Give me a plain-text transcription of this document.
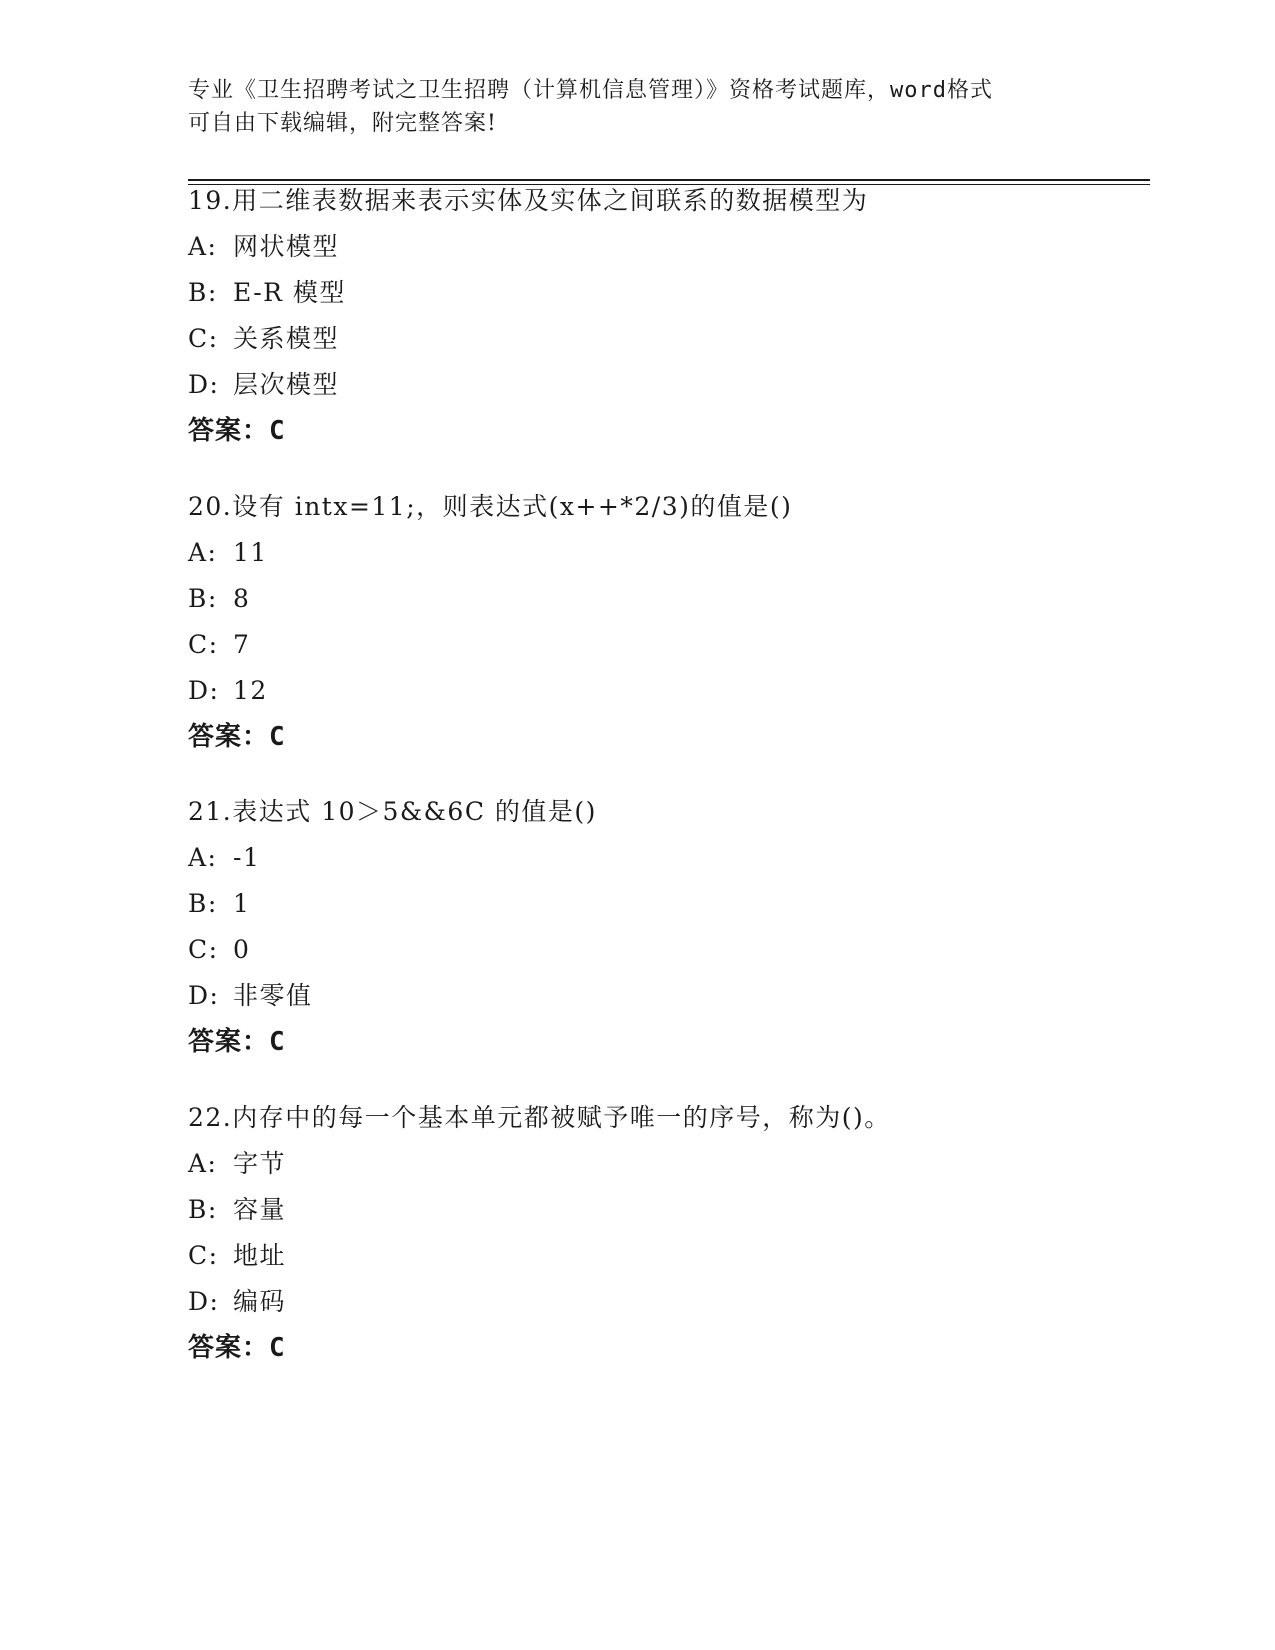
专业《卫生招聘考试之卫生招聘（计算机信息管理）》资格考试题库，word格式
可自由下载编辑，附完整答案!
19.用二维表数据来表示实体及实体之间联系的数据模型为
A: 网状模型
B: E-R 模型
C: 关系模型
D: 层次模型
答案：C
20.设有 intx=11;，则表达式(x++*2/3)的值是()
A: 11
B: 8
C: 7
D: 12
答案：C
21.表达式 10＞5&&6C 的值是()
A: -1
B: 1
C: 0
D: 非零值
答案：C
22.内存中的每一个基本单元都被赋予唯一的序号，称为()。
A: 字节
B: 容量
C: 地址
D: 编码
答案：C
